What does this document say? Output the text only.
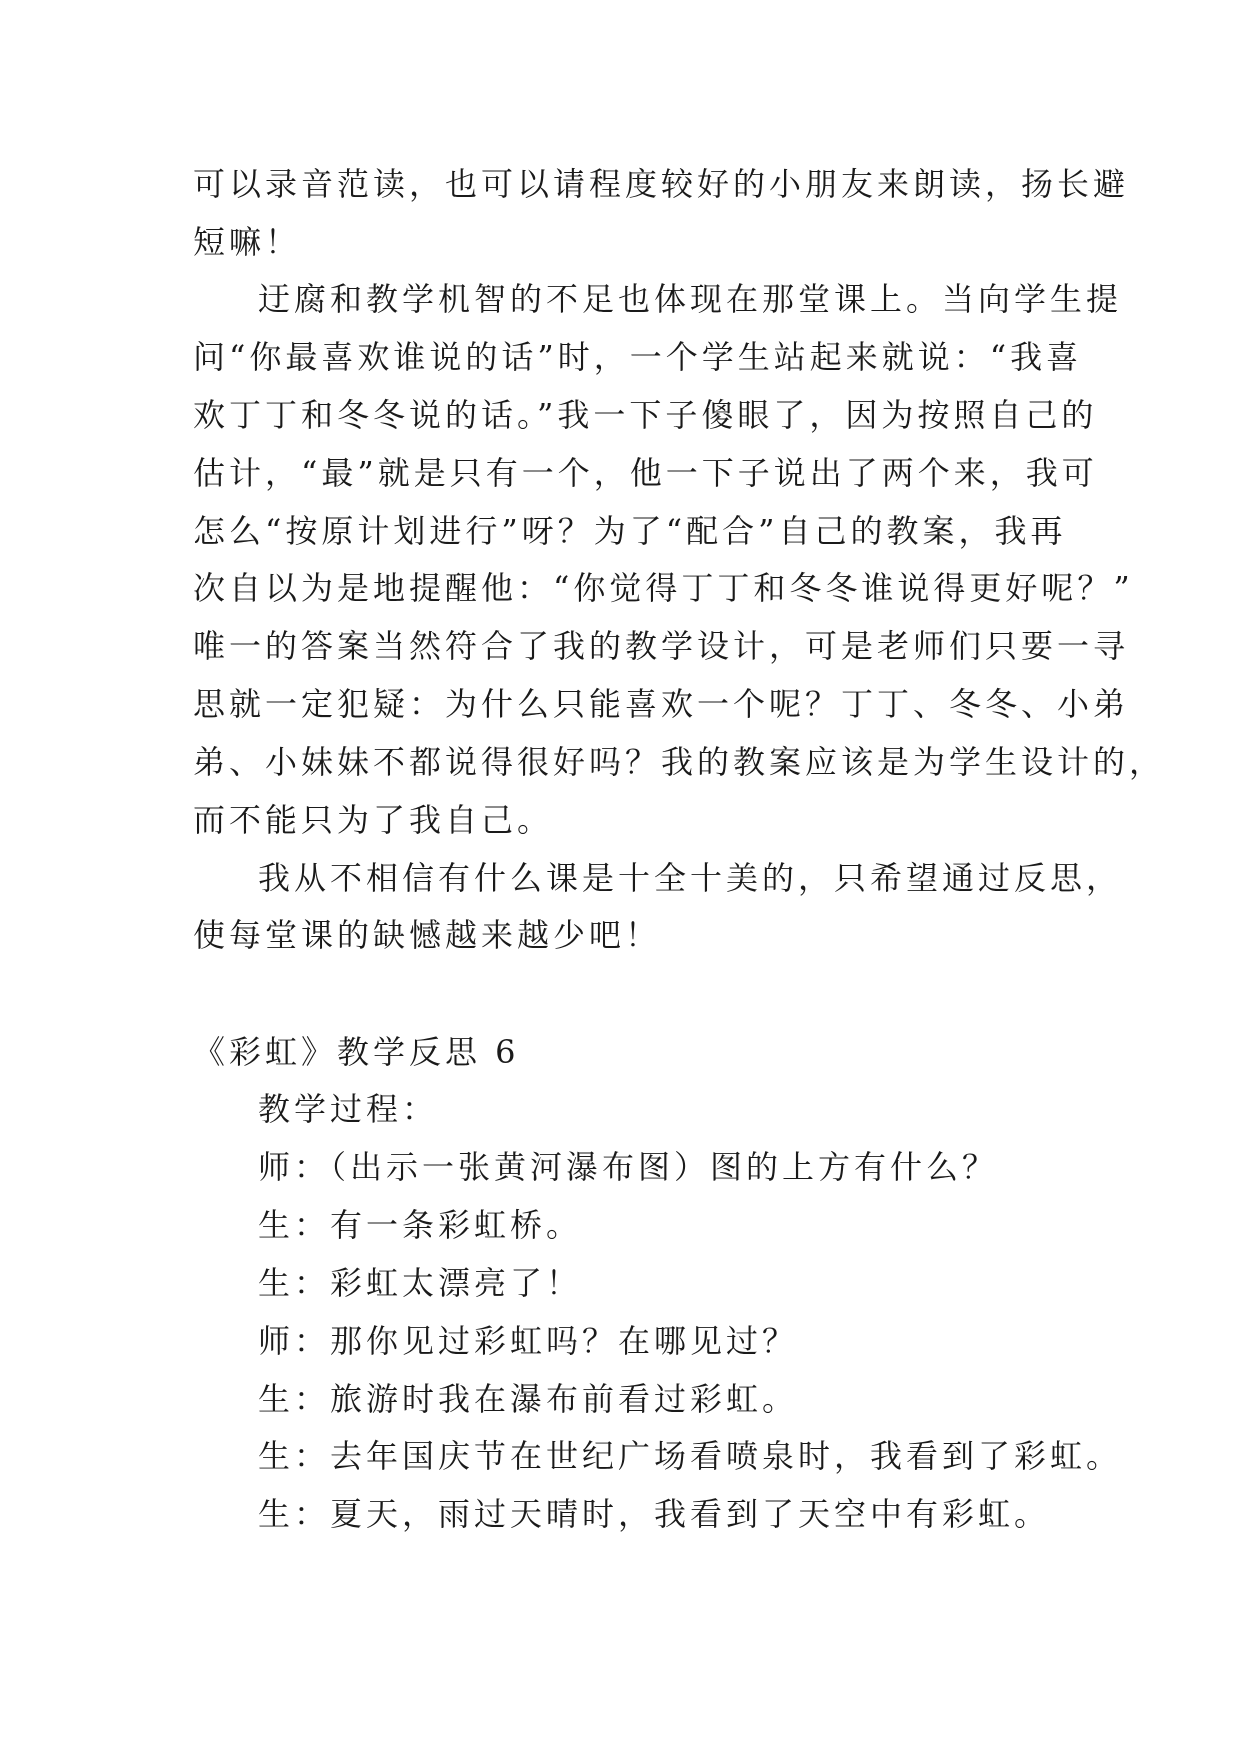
可以录音范读，也可以请程度较好的小朋友来朗读，扬长避
短嘛！
迂腐和教学机智的不足也体现在那堂课上。当向学生提
问“你最喜欢谁说的话”时，一个学生站起来就说：“我喜
欢丁丁和冬冬说的话。”我一下子傻眼了，因为按照自己的
估计，“最”就是只有一个，他一下子说出了两个来，我可
怎么“按原计划进行”呀？为了“配合”自己的教案，我再
次自以为是地提醒他：“你觉得丁丁和冬冬谁说得更好呢？”
唯一的答案当然符合了我的教学设计，可是老师们只要一寻
思就一定犯疑：为什么只能喜欢一个呢？丁丁、冬冬、小弟
弟、小妹妹不都说得很好吗？我的教案应该是为学生设计的，
而不能只为了我自己。
我从不相信有什么课是十全十美的，只希望通过反思，
使每堂课的缺憾越来越少吧！
《彩虹》教学反思 6
教学过程：
师：（出示一张黄河瀑布图）图的上方有什么？
生：有一条彩虹桥。
生：彩虹太漂亮了！
师：那你见过彩虹吗？在哪见过？
生：旅游时我在瀑布前看过彩虹。
生：去年国庆节在世纪广场看喷泉时，我看到了彩虹。
生：夏天，雨过天晴时，我看到了天空中有彩虹。
